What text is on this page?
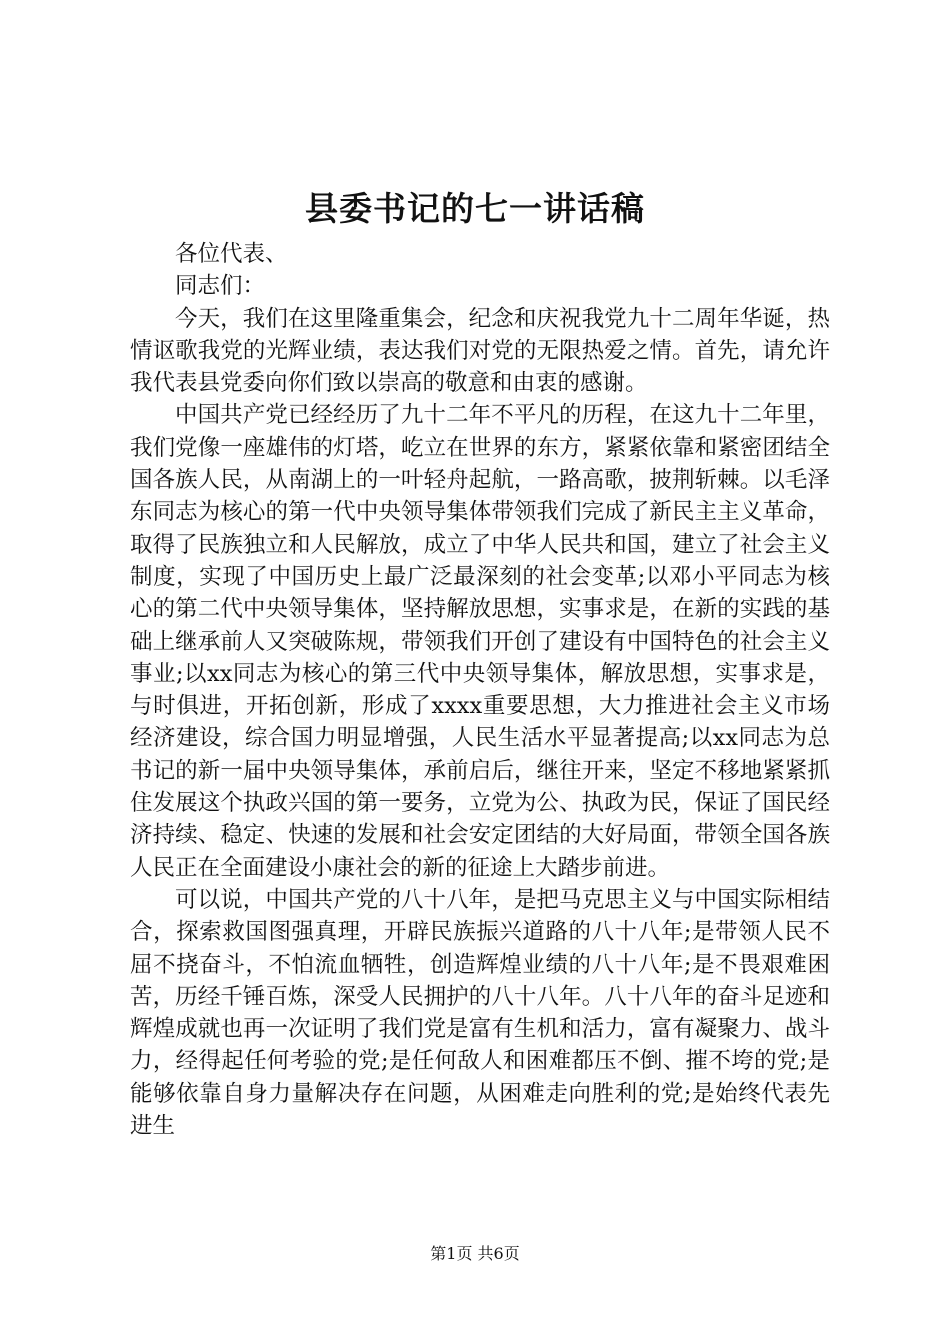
县委书记的七一讲话稿

各位代表、

同志们：

今天，我们在这里隆重集会，纪念和庆祝我党九十二周年华诞，热情讴歌我党的光辉业绩，表达我们对党的无限热爱之情。首先，请允许我代表县党委向你们致以崇高的敬意和由衷的感谢。

中国共产党已经经历了九十二年不平凡的历程，在这九十二年里，我们党像一座雄伟的灯塔，屹立在世界的东方，紧紧依靠和紧密团结全国各族人民，从南湖上的一叶轻舟起航，一路高歌，披荆斩棘。以毛泽东同志为核心的第一代中央领导集体带领我们完成了新民主主义革命，取得了民族独立和人民解放，成立了中华人民共和国，建立了社会主义制度，实现了中国历史上最广泛最深刻的社会变革;以邓小平同志为核心的第二代中央领导集体，坚持解放思想，实事求是，在新的实践的基础上继承前人又突破陈规，带领我们开创了建设有中国特色的社会主义事业;以xx同志为核心的第三代中央领导集体，解放思想，实事求是，与时俱进，开拓创新，形成了xxxx重要思想，大力推进社会主义市场经济建设，综合国力明显增强，人民生活水平显著提高;以xx同志为总书记的新一届中央领导集体，承前启后，继往开来，坚定不移地紧紧抓住发展这个执政兴国的第一要务，立党为公、执政为民，保证了国民经济持续、稳定、快速的发展和社会安定团结的大好局面，带领全国各族人民正在全面建设小康社会的新的征途上大踏步前进。

可以说，中国共产党的八十八年，是把马克思主义与中国实际相结合，探索救国图强真理，开辟民族振兴道路的八十八年;是带领人民不屈不挠奋斗，不怕流血牺牲，创造辉煌业绩的八十八年;是不畏艰难困苦，历经千锤百炼，深受人民拥护的八十八年。八十八年的奋斗足迹和辉煌成就也再一次证明了我们党是富有生机和活力，富有凝聚力、战斗力，经得起任何考验的党;是任何敌人和困难都压不倒、摧不垮的党;是能够依靠自身力量解决存在问题，从困难走向胜利的党;是始终代表先进生

第1页 共6页
